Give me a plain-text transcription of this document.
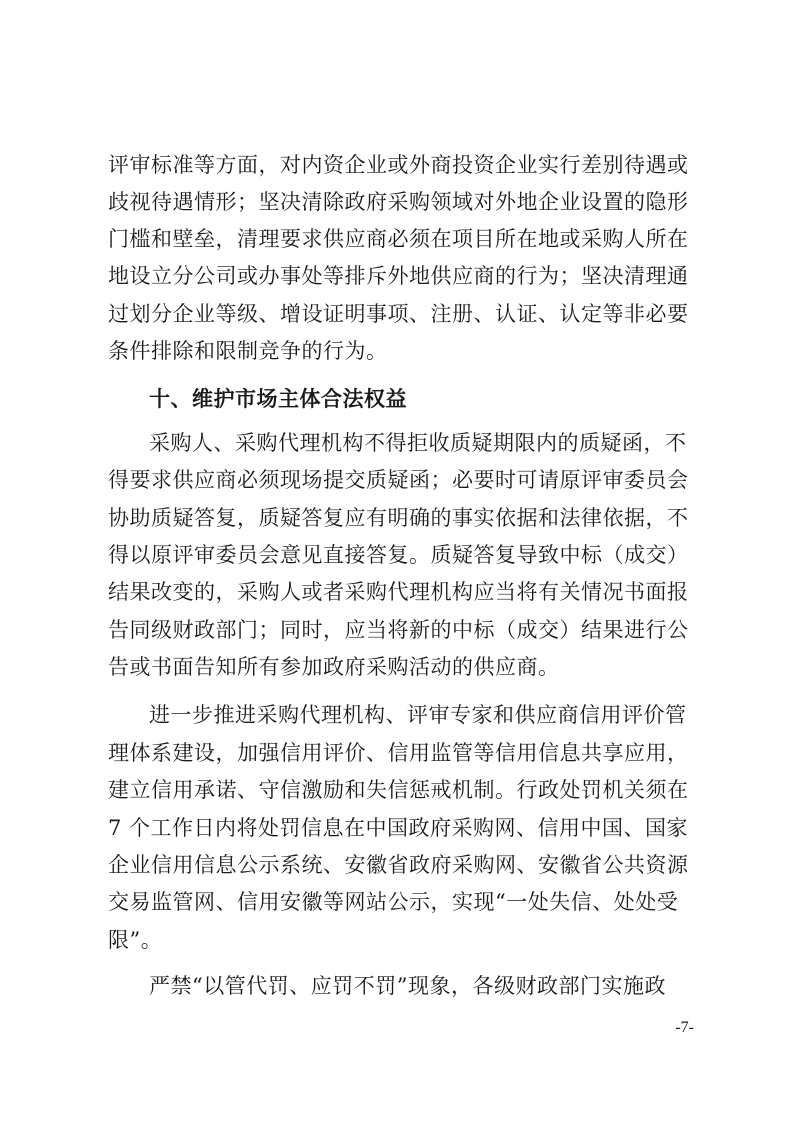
评审标准等方面，对内资企业或外商投资企业实行差别待遇或
歧视待遇情形；坚决清除政府采购领域对外地企业设置的隐形
门槛和壁垒，清理要求供应商必须在项目所在地或采购人所在
地设立分公司或办事处等排斥外地供应商的行为；坚决清理通
过划分企业等级、增设证明事项、注册、认证、认定等非必要
条件排除和限制竞争的行为。
十、维护市场主体合法权益
采购人、采购代理机构不得拒收质疑期限内的质疑函，不
得要求供应商必须现场提交质疑函；必要时可请原评审委员会
协助质疑答复，质疑答复应有明确的事实依据和法律依据，不
得以原评审委员会意见直接答复。质疑答复导致中标（成交）
结果改变的，采购人或者采购代理机构应当将有关情况书面报
告同级财政部门；同时，应当将新的中标（成交）结果进行公
告或书面告知所有参加政府采购活动的供应商。
进一步推进采购代理机构、评审专家和供应商信用评价管
理体系建设，加强信用评价、信用监管等信用信息共享应用，
建立信用承诺、守信激励和失信惩戒机制。行政处罚机关须在
7 个工作日内将处罚信息在中国政府采购网、信用中国、国家
企业信用信息公示系统、安徽省政府采购网、安徽省公共资源
交易监管网、信用安徽等网站公示，实现“一处失信、处处受
限”。
严禁“以管代罚、应罚不罚”现象，各级财政部门实施政
-7-
